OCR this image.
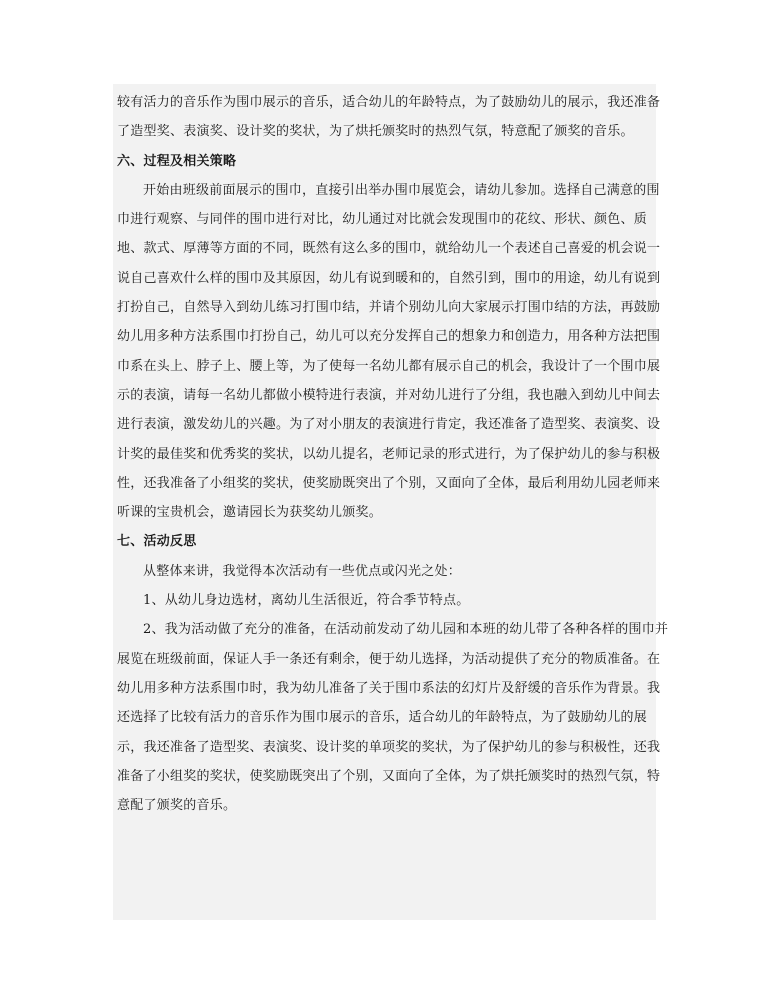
较有活力的音乐作为围巾展示的音乐，适合幼儿的年龄特点，为了鼓励幼儿的展示，我还准备
了造型奖、表演奖、设计奖的奖状，为了烘托颁奖时的热烈气氛，特意配了颁奖的音乐。
六、过程及相关策略
开始由班级前面展示的围巾，直接引出举办围巾展览会，请幼儿参加。选择自己满意的围
巾进行观察、与同伴的围巾进行对比，幼儿通过对比就会发现围巾的花纹、形状、颜色、质
地、款式、厚薄等方面的不同，既然有这么多的围巾，就给幼儿一个表述自己喜爱的机会说一
说自己喜欢什么样的围巾及其原因，幼儿有说到暖和的，自然引到，围巾的用途，幼儿有说到
打扮自己，自然导入到幼儿练习打围巾结，并请个别幼儿向大家展示打围巾结的方法，再鼓励
幼儿用多种方法系围巾打扮自己，幼儿可以充分发挥自己的想象力和创造力，用各种方法把围
巾系在头上、脖子上、腰上等，为了使每一名幼儿都有展示自己的机会，我设计了一个围巾展
示的表演，请每一名幼儿都做小模特进行表演，并对幼儿进行了分组，我也融入到幼儿中间去
进行表演，激发幼儿的兴趣。为了对小朋友的表演进行肯定，我还准备了造型奖、表演奖、设
计奖的最佳奖和优秀奖的奖状，以幼儿提名，老师记录的形式进行，为了保护幼儿的参与积极
性，还我准备了小组奖的奖状，使奖励既突出了个别，又面向了全体，最后利用幼儿园老师来
听课的宝贵机会，邀请园长为获奖幼儿颁奖。
七、活动反思
从整体来讲，我觉得本次活动有一些优点或闪光之处：
1、从幼儿身边选材，离幼儿生活很近，符合季节特点。
2、我为活动做了充分的准备，在活动前发动了幼儿园和本班的幼儿带了各种各样的围巾并
展览在班级前面，保证人手一条还有剩余，便于幼儿选择，为活动提供了充分的物质准备。在
幼儿用多种方法系围巾时，我为幼儿准备了关于围巾系法的幻灯片及舒缓的音乐作为背景。我
还选择了比较有活力的音乐作为围巾展示的音乐，适合幼儿的年龄特点，为了鼓励幼儿的展
示，我还准备了造型奖、表演奖、设计奖的单项奖的奖状，为了保护幼儿的参与积极性，还我
准备了小组奖的奖状，使奖励既突出了个别，又面向了全体，为了烘托颁奖时的热烈气氛，特
意配了颁奖的音乐。
